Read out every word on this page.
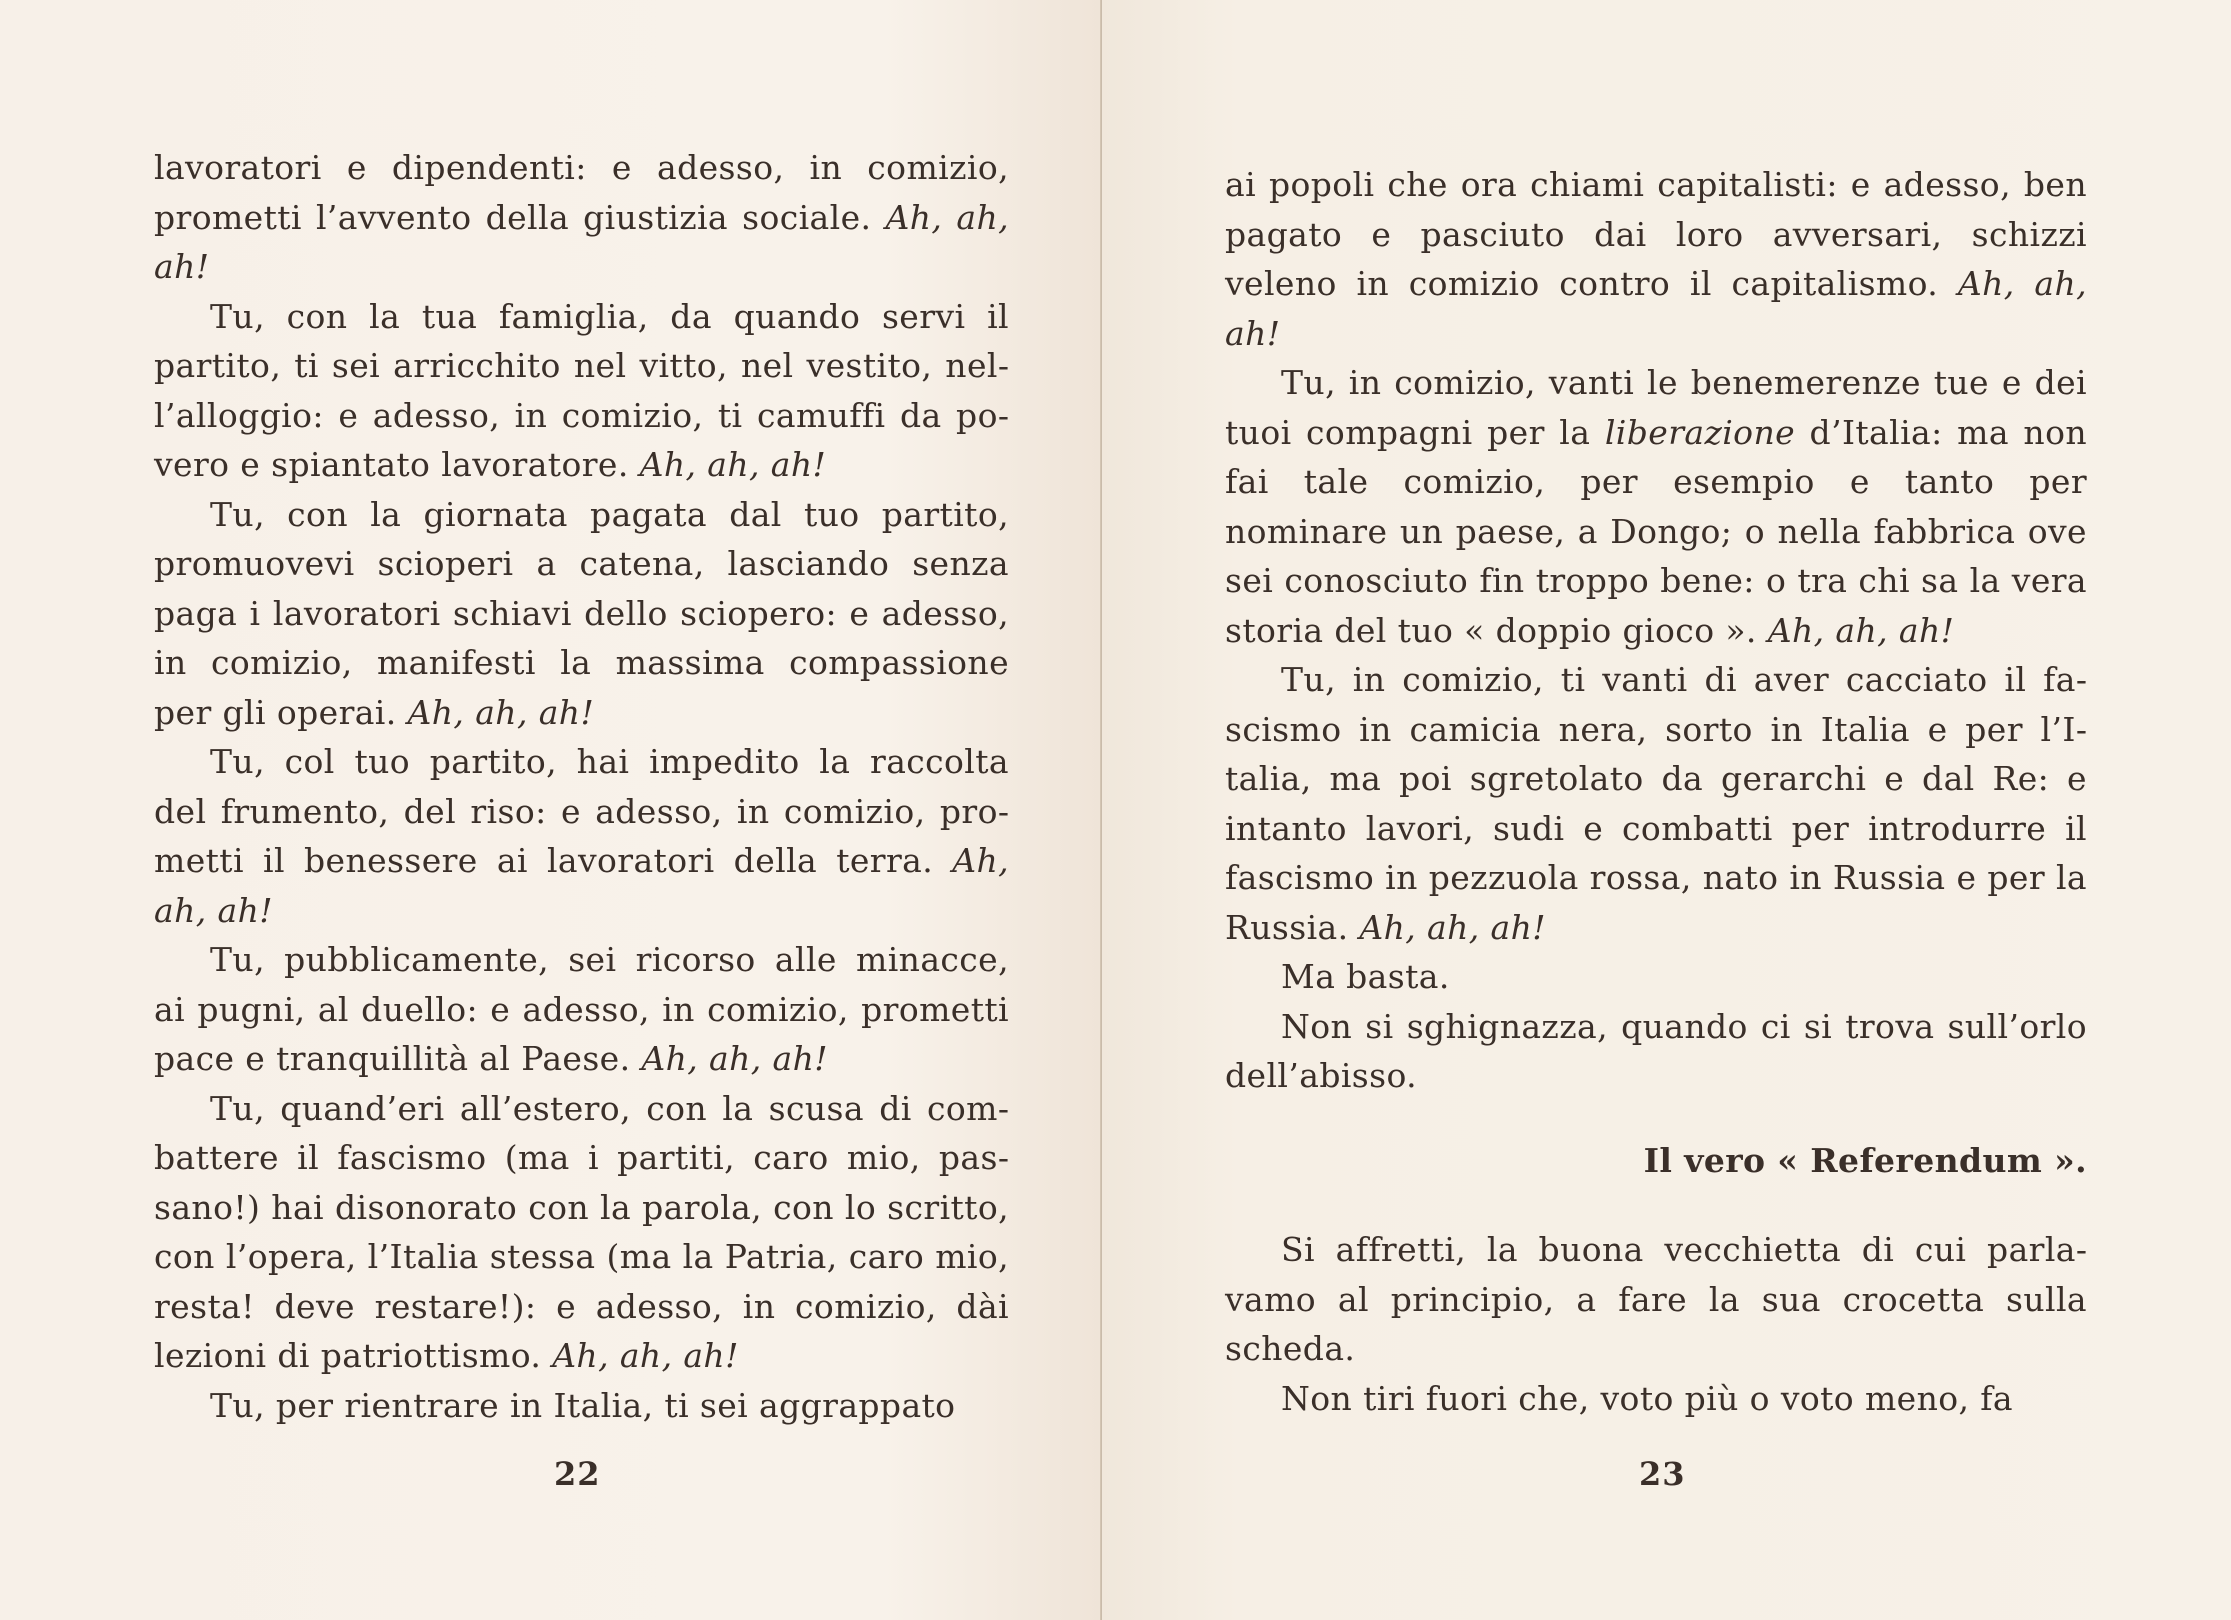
lavoratori e dipendenti: e adesso, in comizio, prometti l’avvento della giustizia sociale. Ah, ah, ah!

Tu, con la tua famiglia, da quando servi il partito, ti sei arricchito nel vitto, nel vestito, nell’alloggio: e adesso, in comizio, ti camuffi da povero e spiantato lavoratore. Ah, ah, ah!

Tu, con la giornata pagata dal tuo partito, promuovevi scioperi a catena, lasciando senza paga i lavoratori schiavi dello sciopero: e adesso, in comizio, manifesti la massima compassione per gli operai. Ah, ah, ah!

Tu, col tuo partito, hai impedito la raccolta del frumento, del riso: e adesso, in comizio, prometti il benessere ai lavoratori della terra. Ah, ah, ah!

Tu, pubblicamente, sei ricorso alle minacce, ai pugni, al duello: e adesso, in comizio, prometti pace e tranquillità al Paese. Ah, ah, ah!

Tu, quand’eri all’estero, con la scusa di combattere il fascismo (ma i partiti, caro mio, passano!) hai disonorato con la parola, con lo scritto, con l’opera, l’Italia stessa (ma la Patria, caro mio, resta! deve restare!): e adesso, in comizio, dài lezioni di patriottismo. Ah, ah, ah!

Tu, per rientrare in Italia, ti sei aggrappato

22

ai popoli che ora chiami capitalisti: e adesso, ben pagato e pasciuto dai loro avversari, schizzi veleno in comizio contro il capitalismo. Ah, ah, ah!

Tu, in comizio, vanti le benemerenze tue e dei tuoi compagni per la liberazione d’Italia: ma non fai tale comizio, per esempio e tanto per nominare un paese, a Dongo; o nella fabbrica ove sei conosciuto fin troppo bene: o tra chi sa la vera storia del tuo « doppio gioco ». Ah, ah, ah!

Tu, in comizio, ti vanti di aver cacciato il fascismo in camicia nera, sorto in Italia e per l’Italia, ma poi sgretolato da gerarchi e dal Re: e intanto lavori, sudi e combatti per introdurre il fascismo in pezzuola rossa, nato in Russia e per la Russia. Ah, ah, ah!

Ma basta.

Non si sghignazza, quando ci si trova sull’orlo dell’abisso.

Il vero « Referendum ».

Si affretti, la buona vecchietta di cui parlavamo al principio, a fare la sua crocetta sulla scheda.

Non tiri fuori che, voto più o voto meno, fa

23
